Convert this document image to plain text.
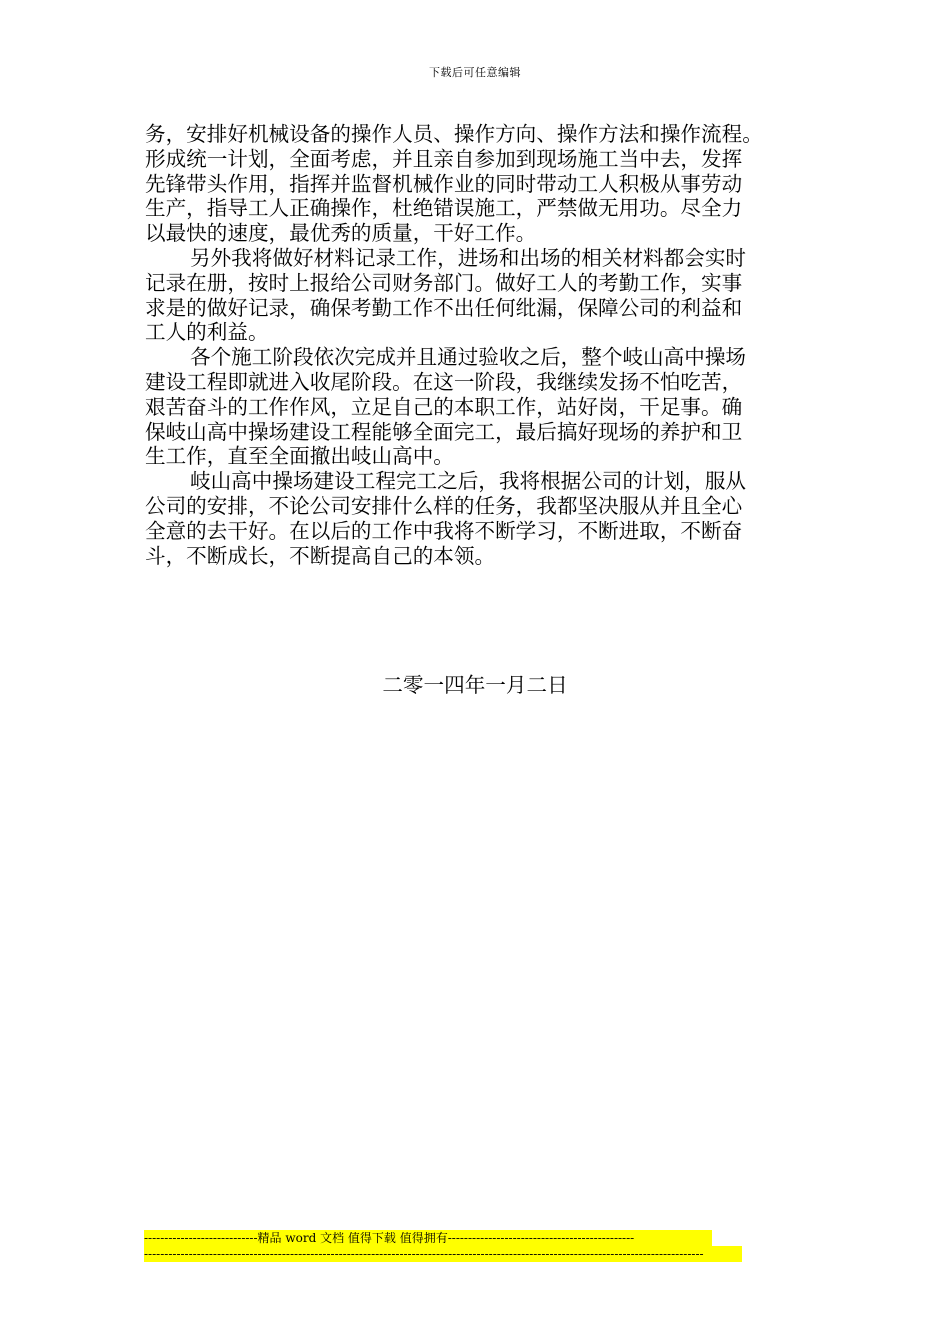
下载后可任意编辑
务，安排好机械设备的操作人员、操作方向、操作方法和操作流程。
形成统一计划，全面考虑，并且亲自参加到现场施工当中去，发挥
先锋带头作用，指挥并监督机械作业的同时带动工人积极从事劳动
生产，指导工人正确操作，杜绝错误施工，严禁做无用功。尽全力
以最快的速度，最优秀的质量，干好工作。
另外我将做好材料记录工作，进场和出场的相关材料都会实时
记录在册，按时上报给公司财务部门。做好工人的考勤工作，实事
求是的做好记录，确保考勤工作不出任何纰漏，保障公司的利益和
工人的利益。
各个施工阶段依次完成并且通过验收之后，整个岐山高中操场
建设工程即就进入收尾阶段。在这一阶段，我继续发扬不怕吃苦，
艰苦奋斗的工作作风，立足自己的本职工作，站好岗，干足事。确
保岐山高中操场建设工程能够全面完工，最后搞好现场的养护和卫
生工作，直至全面撤出岐山高中。
岐山高中操场建设工程完工之后，我将根据公司的计划，服从
公司的安排，不论公司安排什么样的任务，我都坚决服从并且全心
全意的去干好。在以后的工作中我将不断学习，不断进取，不断奋
斗，不断成长，不断提高自己的本领。
二零一四年一月二日
----------------------------精品 word 文档 值得下载 值得拥有----------------------------------------------
------------------------------------------------------------------------------------------------------------------------------------------
